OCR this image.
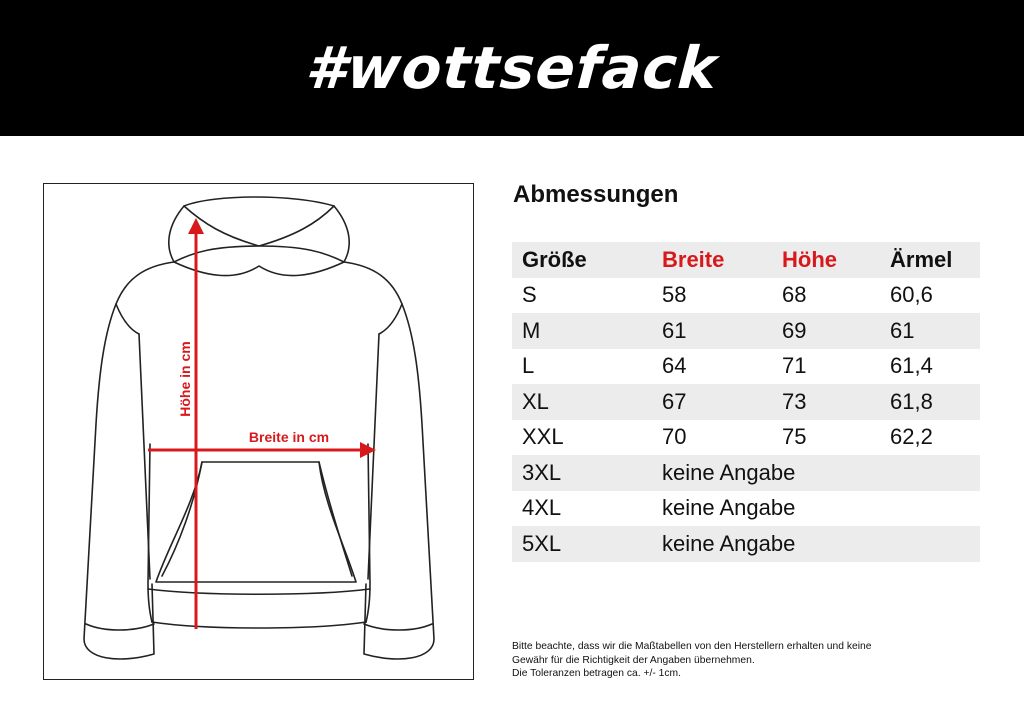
#wottsefack
Höhe in cm
Breite in cm
Abmessungen
Größe	Breite	Höhe	Ärmel
S	58	68	60,6
M	61	69	61
L	64	71	61,4
XL	67	73	61,8
XXL	70	75	62,2
3XL	keine Angabe		
4XL	keine Angabe		
5XL	keine Angabe		
Bitte beachte, dass wir die Maßtabellen von den Herstellern erhalten und keine
Gewähr für die Richtigkeit der Angaben übernehmen.
Die Toleranzen betragen ca. +/- 1cm.
